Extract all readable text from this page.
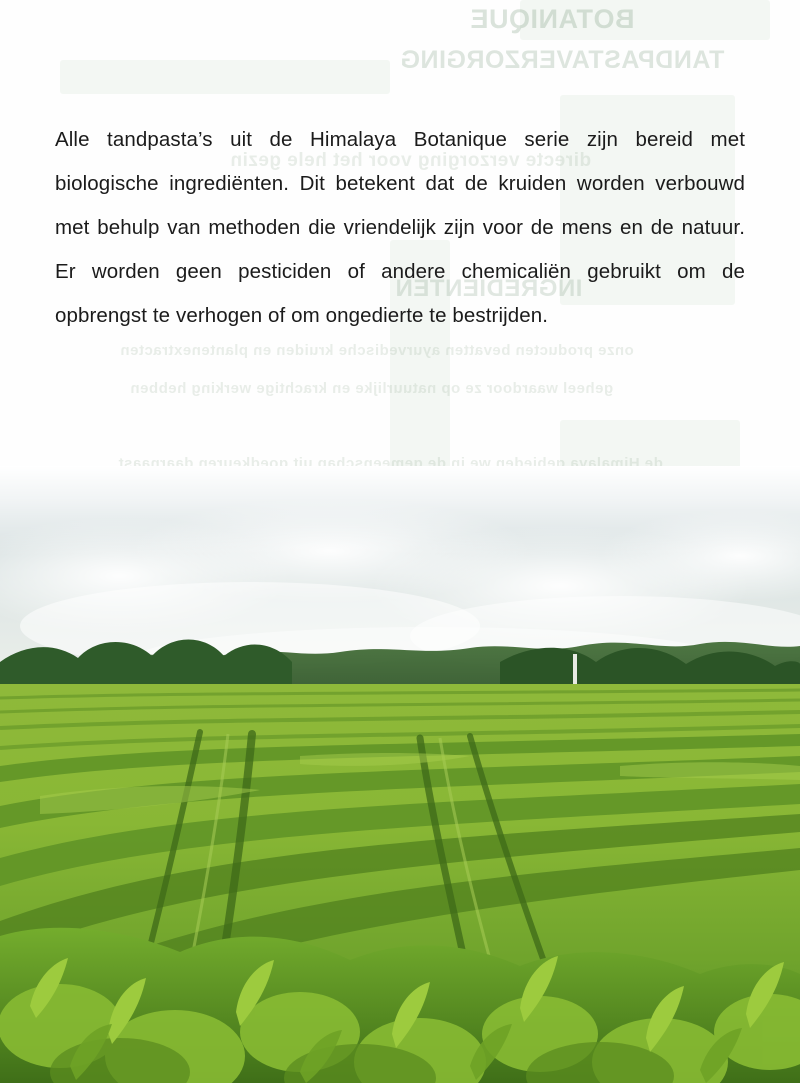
BOTANIQUE
TANDPASTAVERZORGING
directe verzorging voor het hele gezin
INGREDIËNTEN
onze producten bevatten ayurvedische kruiden en plantenextracten
geheel waardoor ze op natuurlijke en krachtige werking hebben
de Himalaya gebieden we in de gemeenschap uit goedkeuren daarnaast

Alle tandpasta’s uit de Himalaya Botanique serie zijn bereid met biologische ingrediënten. Dit betekent dat de kruiden worden verbouwd met behulp van methoden die vriendelijk zijn voor de mens en de natuur. Er worden geen pesticiden of andere chemicaliën gebruikt om de opbrengst te verhogen of om ongedierte te bestrijden.
